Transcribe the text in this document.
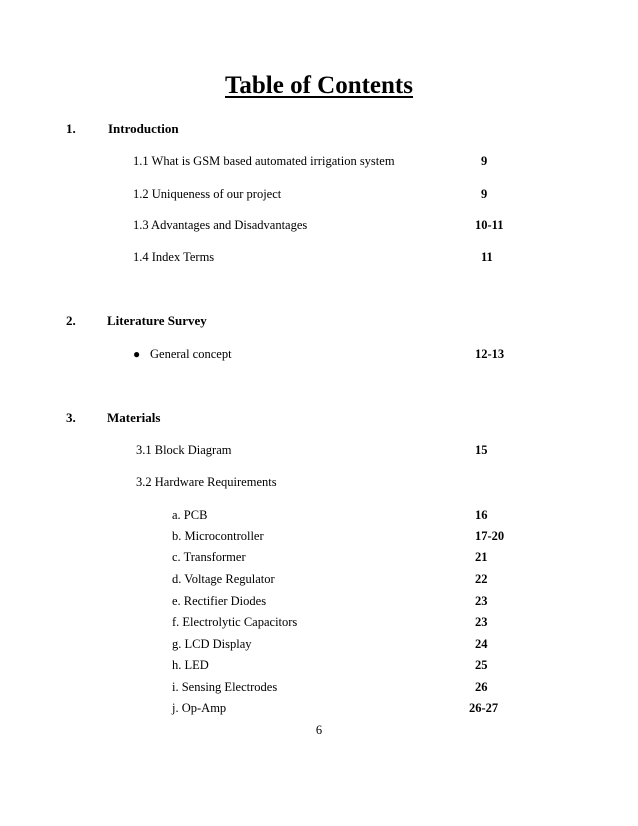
Table of Contents
1. Introduction
1.1 What is GSM based automated irrigation system	9
1.2 Uniqueness of our project	9
1.3 Advantages and Disadvantages	10-11
1.4 Index Terms	11
2. Literature Survey
● General concept	12-13
3. Materials
3.1 Block Diagram	15
3.2 Hardware Requirements
a. PCB	16
b. Microcontroller	17-20
c. Transformer	21
d. Voltage Regulator	22
e. Rectifier Diodes	23
f. Electrolytic Capacitors	23
g. LCD Display	24
h. LED	25
i. Sensing Electrodes	26
j. Op-Amp	26-27
6
